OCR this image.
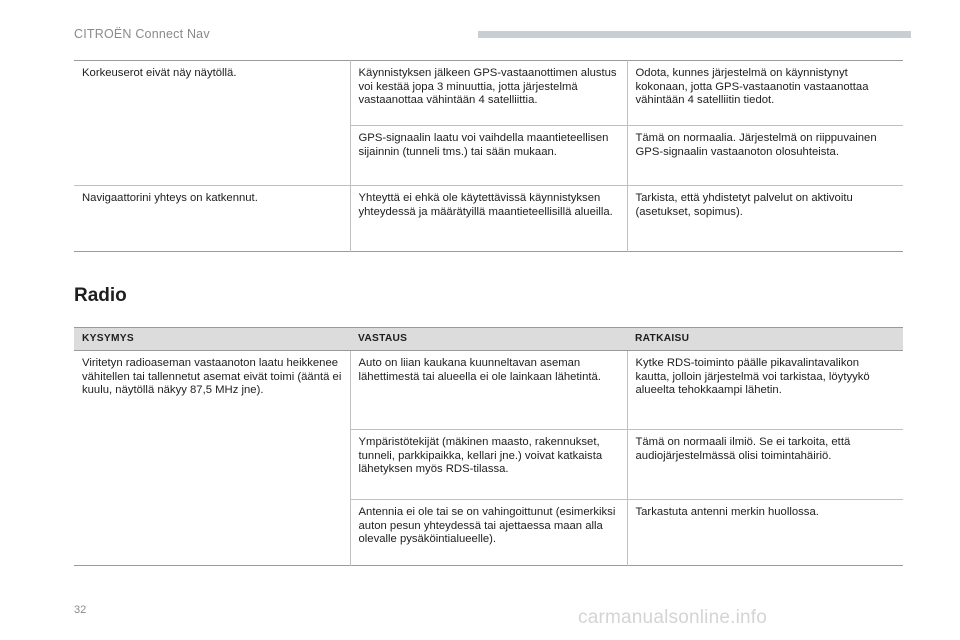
CITROËN Connect Nav
Korkeuserot eivät näy näytöllä.	Käynnistyksen jälkeen GPS-vastaanottimen alustus voi kestää jopa 3 minuuttia, jotta järjestelmä vastaanottaa vähintään 4 satelliittia.	Odota, kunnes järjestelmä on käynnistynyt kokonaan, jotta GPS-vastaanotin vastaanottaa vähintään 4 satelliitin tiedot.
	GPS-signaalin laatu voi vaihdella maantieteellisen sijainnin (tunneli tms.) tai sään mukaan.	Tämä on normaalia. Järjestelmä on riippuvainen GPS-signaalin vastaanoton olosuhteista.
Navigaattorini yhteys on katkennut.	Yhteyttä ei ehkä ole käytettävissä käynnistyksen yhteydessä ja määrätyillä maantieteellisillä alueilla.	Tarkista, että yhdistetyt palvelut on aktivoitu (asetukset, sopimus).
Radio
KYSYMYS	VASTAUS	RATKAISU
Viritetyn radioaseman vastaanoton laatu heikkenee vähitellen tai tallennetut asemat eivät toimi (ääntä ei kuulu, näytöllä näkyy 87,5 MHz jne).	Auto on liian kaukana kuunneltavan aseman lähettimestä tai alueella ei ole lainkaan lähetintä.	Kytke RDS-toiminto päälle pikavalintavalikon kautta, jolloin järjestelmä voi tarkistaa, löytyykö alueelta tehokkaampi lähetin.
	Ympäristötekijät (mäkinen maasto, rakennukset, tunneli, parkkipaikka, kellari jne.) voivat katkaista lähetyksen myös RDS-tilassa.	Tämä on normaali ilmiö. Se ei tarkoita, että audiojärjestelmässä olisi toimintahäiriö.
	Antennia ei ole tai se on vahingoittunut (esimerkiksi auton pesun yhteydessä tai ajettaessa maan alla olevalle pysäköintialueelle).	Tarkastuta antenni merkin huollossa.
32	carmanualsonline.info
